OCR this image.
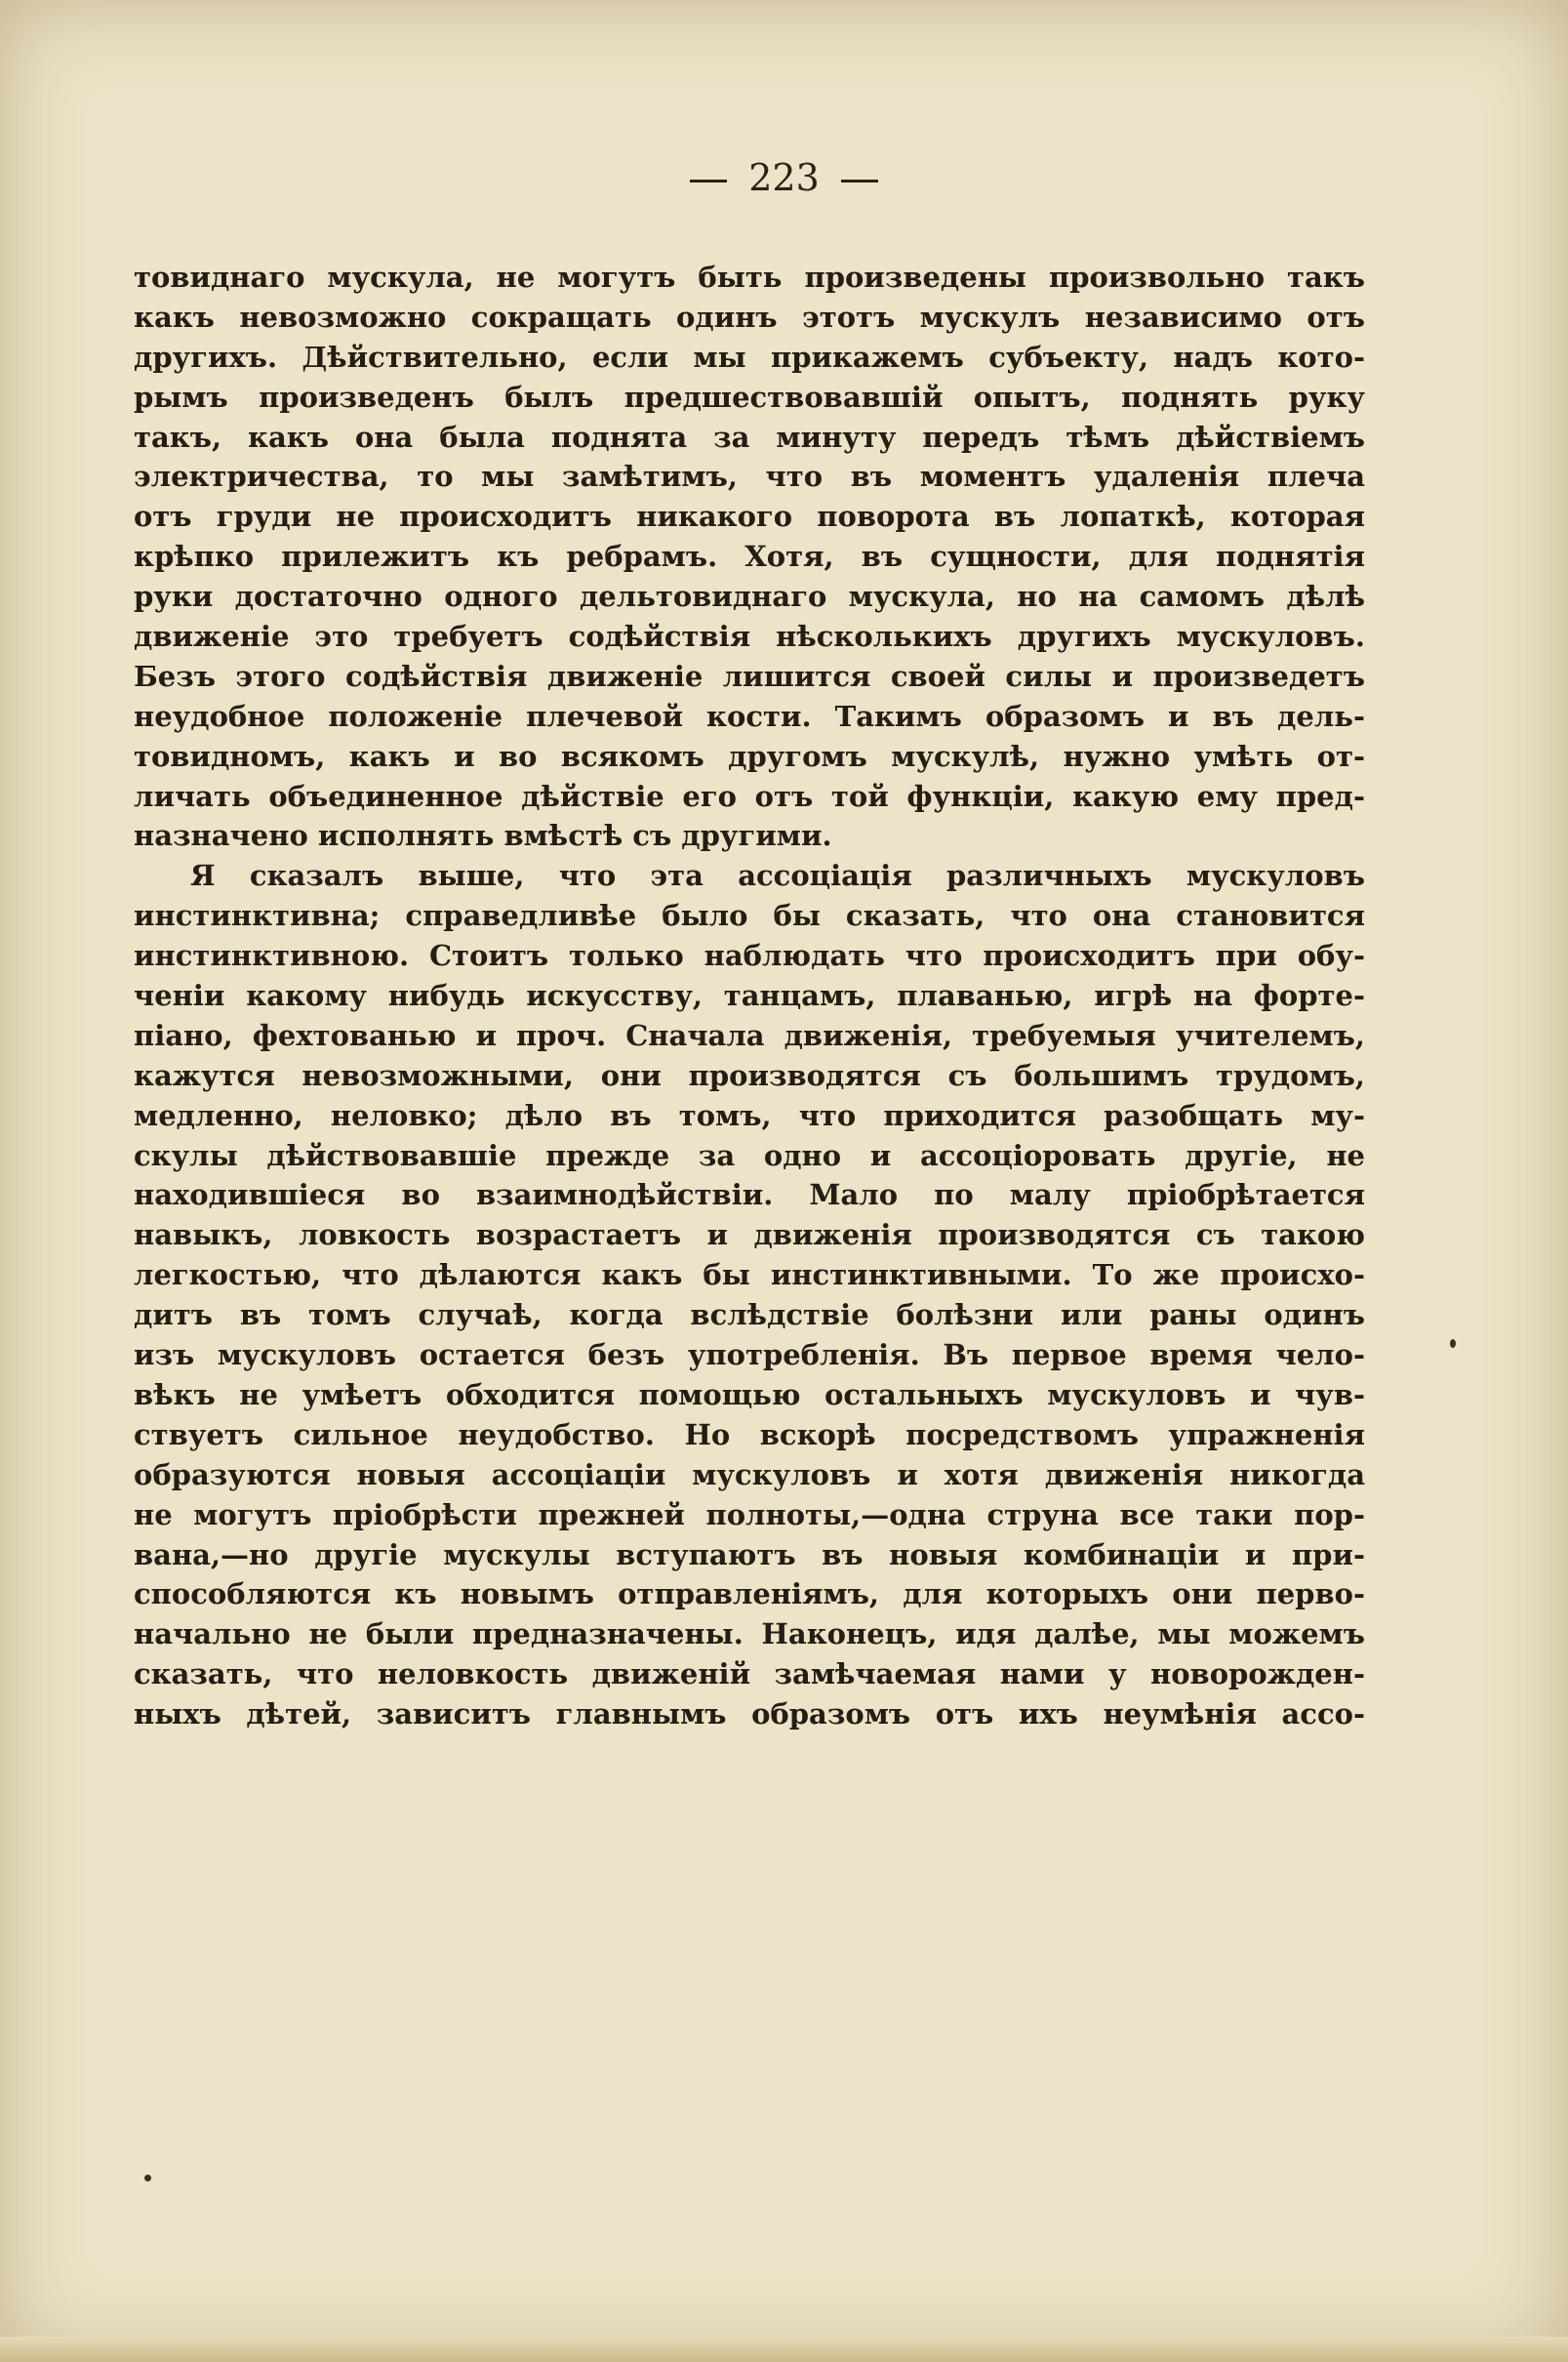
223
товиднаго мускула, не могутъ быть произведены произвольно такъ
какъ невозможно сокращать одинъ этотъ мускулъ независимо отъ
другихъ. Дѣйствительно, если мы прикажемъ субъекту, надъ кото-
рымъ произведенъ былъ предшествовавшій опытъ, поднять руку
такъ, какъ она была поднята за минуту передъ тѣмъ дѣйствіемъ
электричества, то мы замѣтимъ, что въ моментъ удаленія плеча
отъ груди не происходитъ никакого поворота въ лопаткѣ, которая
крѣпко прилежитъ къ ребрамъ. Хотя, въ сущности, для поднятія
руки достаточно одного дельтовиднаго мускула, но на самомъ дѣлѣ
движеніе это требуетъ содѣйствія нѣсколькихъ другихъ мускуловъ.
Безъ этого содѣйствія движеніе лишится своей силы и произведетъ
неудобное положеніе плечевой кости. Такимъ образомъ и въ дель-
товидномъ, какъ и во всякомъ другомъ мускулѣ, нужно умѣть от-
личать объединенное дѣйствіе его отъ той функціи, какую ему пред-
назначено исполнять вмѣстѣ съ другими.
Я сказалъ выше, что эта ассоціація различныхъ мускуловъ
инстинктивна; справедливѣе было бы сказать, что она становится
инстинктивною. Стоитъ только наблюдать что происходитъ при обу-
ченіи какому нибудь искусству, танцамъ, плаванью, игрѣ на форте-
піано, фехтованью и проч. Сначала движенія, требуемыя учителемъ,
кажутся невозможными, они производятся съ большимъ трудомъ,
медленно, неловко; дѣло въ томъ, что приходится разобщать му-
скулы дѣйствовавшіе прежде за одно и ассоціоровать другіе, не
находившіеся во взаимнодѣйствіи. Мало по малу пріобрѣтается
навыкъ, ловкость возрастаетъ и движенія производятся съ такою
легкостью, что дѣлаются какъ бы инстинктивными. То же происхо-
дитъ въ томъ случаѣ, когда вслѣдствіе болѣзни или раны одинъ
изъ мускуловъ остается безъ употребленія. Въ первое время чело-
вѣкъ не умѣетъ обходится помощью остальныхъ мускуловъ и чув-
ствуетъ сильное неудобство. Но вскорѣ посредствомъ упражненія
образуются новыя ассоціаціи мускуловъ и хотя движенія никогда
не могутъ пріобрѣсти прежней полноты,—одна струна все таки пор-
вана,—но другіе мускулы вступаютъ въ новыя комбинаціи и при-
способляются къ новымъ отправленіямъ, для которыхъ они перво-
начально не были предназначены. Наконецъ, идя далѣе, мы можемъ
сказать, что неловкость движеній замѣчаемая нами у новорожден-
ныхъ дѣтей, зависитъ главнымъ образомъ отъ ихъ неумѣнія ассо-
